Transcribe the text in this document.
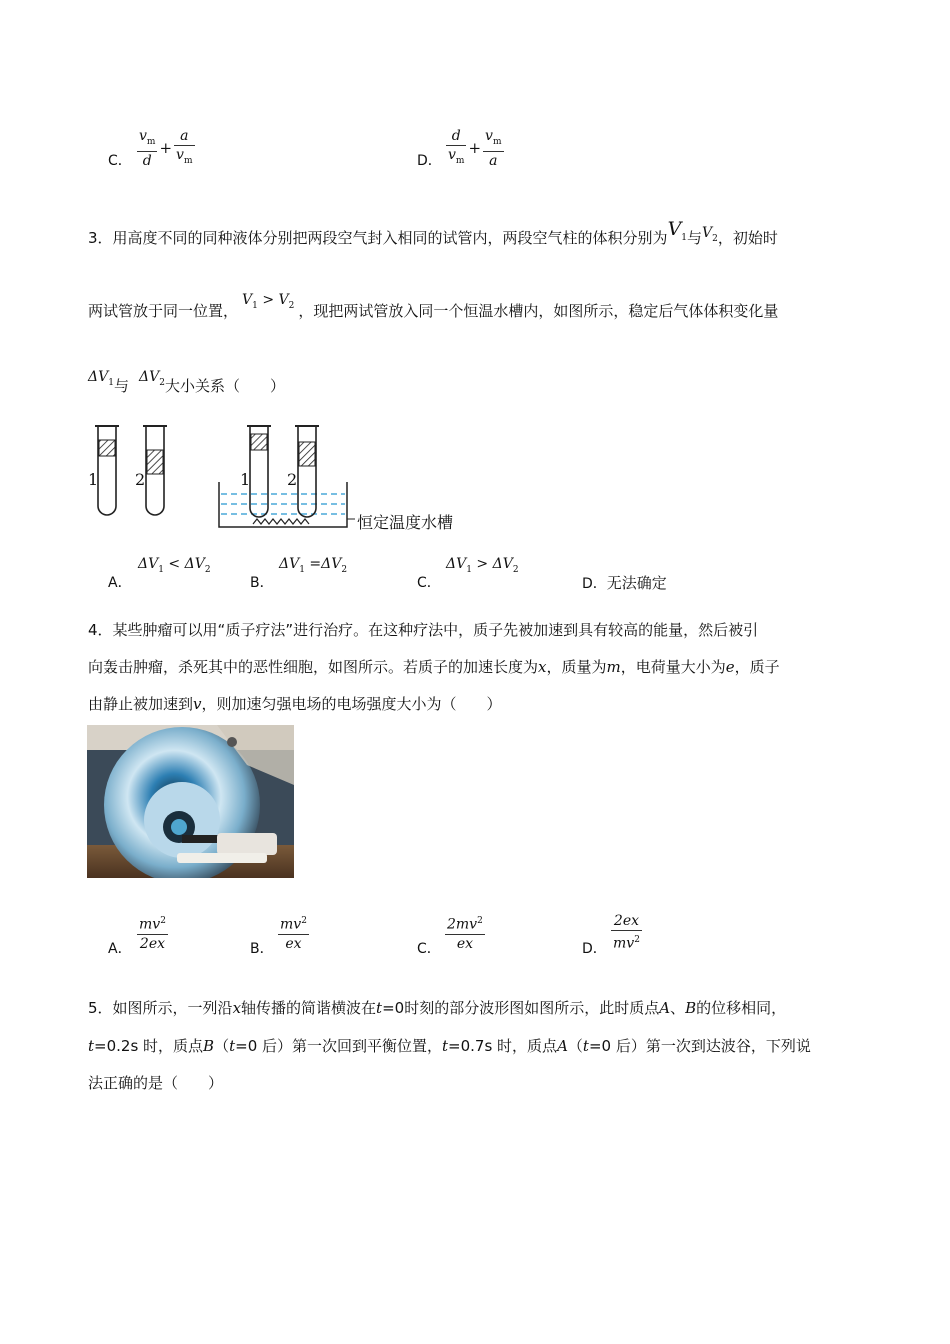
C． $\frac{v_m}{d} + \frac{a}{v_m}$	D． $\frac{d}{v_m} + \frac{v_m}{a}$
3．用高度不同的同种液体分别把两段空气封入相同的试管内，两段空气柱的体积分别为$V_1$与$V_2$，初始时
两试管放于同一位置，$V_1 > V_2$ ，现把两试管放入同一个恒温水槽内，如图所示，稳定后气体体积变化量
$\Delta V_1$与 $\Delta V_2$大小关系（　　）
1 2	1 2
恒定温度水槽
A．
$\Delta V_1 < \Delta V_2$
B．
$\Delta V_1 =\Delta V_2$
C．
$\Delta V_1 > \Delta V_2$
D．无法确定
4．某些肿瘤可以用“质子疗法”进行治疗。在这种疗法中，质子先被加速到具有较高的能量，然后被引
向轰击肿瘤，杀死其中的恶性细胞，如图所示。若质子的加速长度为x，质量为m，电荷量大小为e，质子
由静止被加速到v，则加速匀强电场的电场强度大小为（　　）
A． $\frac{mv^2}{2ex}$	B． $\frac{mv^2}{ex}$	C． $\frac{2mv^2}{ex}$	D． $\frac{2ex}{mv^2}$
5．如图所示，一列沿x轴传播的简谐横波在t=0时刻的部分波形图如图所示，此时质点A、B的位移相同，
t=0.2s 时，质点B（t=0 后）第一次回到平衡位置，t=0.7s 时，质点A（t=0 后）第一次到达波谷，下列说
法正确的是（　　）
